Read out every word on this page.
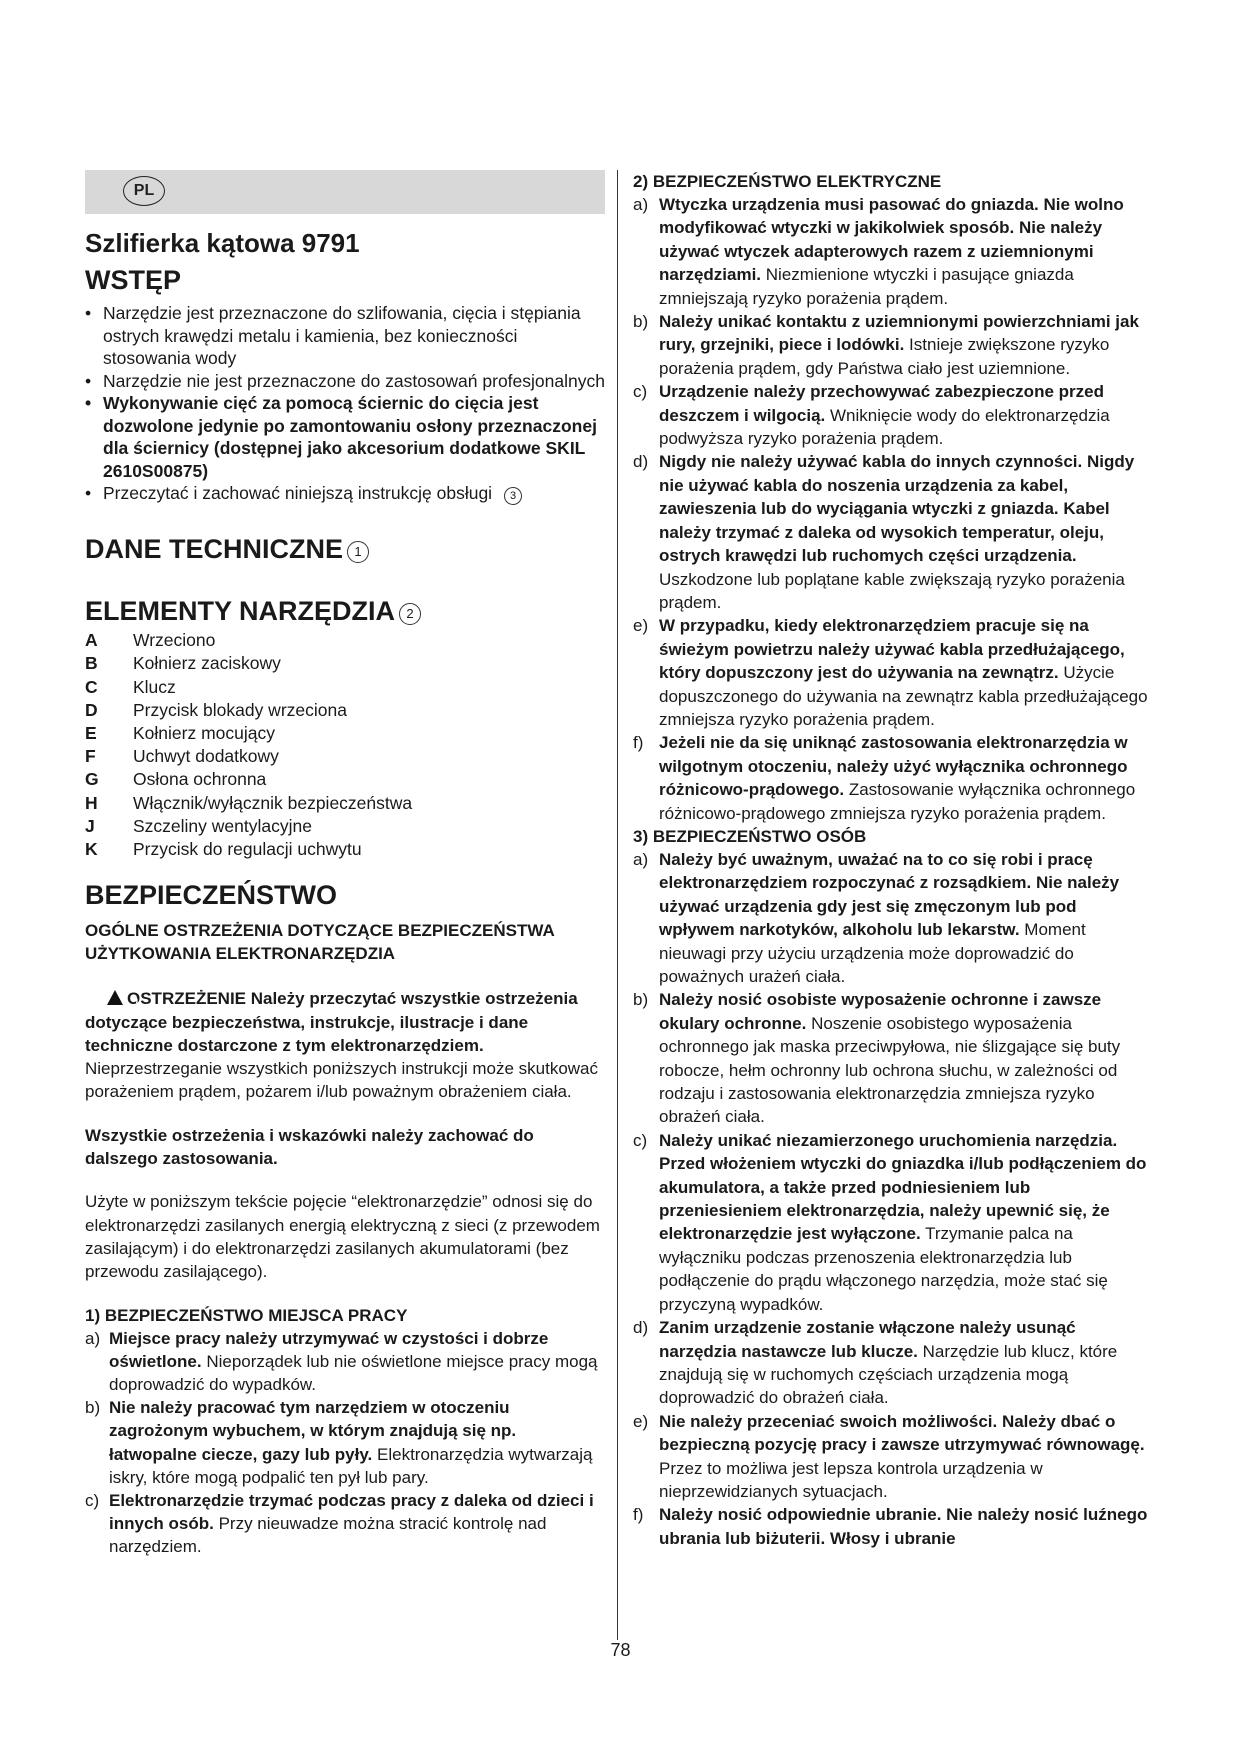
PL
Szlifierka kątowa 9791
WSTĘP
• Narzędzie jest przeznaczone do szlifowania, cięcia i stępiania ostrych krawędzi metalu i kamienia, bez konieczności stosowania wody
• Narzędzie nie jest przeznaczone do zastosowań profesjonalnych
• Wykonywanie cięć za pomocą ściernic do cięcia jest dozwolone jedynie po zamontowaniu osłony przeznaczonej dla ściernicy (dostępnej jako akcesorium dodatkowe SKIL 2610S00875)
• Przeczytać i zachować niniejszą instrukcję obsługi 3
DANE TECHNICZNE 1
ELEMENTY NARZĘDZIA 2
A	Wrzeciono
B	Kołnierz zaciskowy
C	Klucz
D	Przycisk blokady wrzeciona
E	Kołnierz mocujący
F	Uchwyt dodatkowy
G	Osłona ochronna
H	Włącznik/wyłącznik bezpieczeństwa
J	Szczeliny wentylacyjne
K	Przycisk do regulacji uchwytu
BEZPIECZEŃSTWO
OGÓLNE OSTRZEŻENIA DOTYCZĄCE BEZPIECZEŃSTWA UŻYTKOWANIA ELEKTRONARZĘDZIA
!OSTRZEŻENIE Należy przeczytać wszystkie ostrzeżenia dotyczące bezpieczeństwa, instrukcje, ilustracje i dane techniczne dostarczone z tym elektronarzędziem. Nieprzestrzeganie wszystkich poniższych instrukcji może skutkować porażeniem prądem, pożarem i/lub poważnym obrażeniem ciała.
Wszystkie ostrzeżenia i wskazówki należy zachować do dalszego zastosowania.
Użyte w poniższym tekście pojęcie “elektronarzędzie” odnosi się do elektronarzędzi zasilanych energią elektryczną z sieci (z przewodem zasilającym) i do elektronarzędzi zasilanych akumulatorami (bez przewodu zasilającego).
1) BEZPIECZEŃSTWO MIEJSCA PRACY
a) Miejsce pracy należy utrzymywać w czystości i dobrze oświetlone. Nieporządek lub nie oświetlone miejsce pracy mogą doprowadzić do wypadków.
b) Nie należy pracować tym narzędziem w otoczeniu zagrożonym wybuchem, w którym znajdują się np. łatwopalne ciecze, gazy lub pyły. Elektronarzędzia wytwarzają iskry, które mogą podpalić ten pył lub pary.
c) Elektronarzędzie trzymać podczas pracy z daleka od dzieci i innych osób. Przy nieuwadze można stracić kontrolę nad narzędziem.
2) BEZPIECZEŃSTWO ELEKTRYCZNE
a) Wtyczka urządzenia musi pasować do gniazda. Nie wolno modyfikować wtyczki w jakikolwiek sposób. Nie należy używać wtyczek adapterowych razem z uziemnionymi narzędziami. Niezmienione wtyczki i pasujące gniazda zmniejszają ryzyko porażenia prądem.
b) Należy unikać kontaktu z uziemnionymi powierzchniami jak rury, grzejniki, piece i lodówki. Istnieje zwiększone ryzyko porażenia prądem, gdy Państwa ciało jest uziemnione.
c) Urządzenie należy przechowywać zabezpieczone przed deszczem i wilgocią. Wniknięcie wody do elektronarzędzia podwyższa ryzyko porażenia prądem.
d) Nigdy nie należy używać kabla do innych czynności. Nigdy nie używać kabla do noszenia urządzenia za kabel, zawieszenia lub do wyciągania wtyczki z gniazda. Kabel należy trzymać z daleka od wysokich temperatur, oleju, ostrych krawędzi lub ruchomych części urządzenia. Uszkodzone lub poplątane kable zwiększają ryzyko porażenia prądem.
e) W przypadku, kiedy elektronarzędziem pracuje się na świeżym powietrzu należy używać kabla przedłużającego, który dopuszczony jest do używania na zewnątrz. Użycie dopuszczonego do używania na zewnątrz kabla przedłużającego zmniejsza ryzyko porażenia prądem.
f) Jeżeli nie da się uniknąć zastosowania elektronarzędzia w wilgotnym otoczeniu, należy użyć wyłącznika ochronnego różnicowo-prądowego. Zastosowanie wyłącznika ochronnego różnicowo-prądowego zmniejsza ryzyko porażenia prądem.
3) BEZPIECZEŃSTWO OSÓB
a) Należy być uważnym, uważać na to co się robi i pracę elektronarzędziem rozpoczynać z rozsądkiem. Nie należy używać urządzenia gdy jest się zmęczonym lub pod wpływem narkotyków, alkoholu lub lekarstw. Moment nieuwagi przy użyciu urządzenia może doprowadzić do poważnych urażeń ciała.
b) Należy nosić osobiste wyposażenie ochronne i zawsze okulary ochronne. Noszenie osobistego wyposażenia ochronnego jak maska przeciwpyłowa, nie ślizgające się buty robocze, hełm ochronny lub ochrona słuchu, w zależności od rodzaju i zastosowania elektronarzędzia zmniejsza ryzyko obrażeń ciała.
c) Należy unikać niezamierzonego uruchomienia narzędzia. Przed włożeniem wtyczki do gniazdka i/lub podłączeniem do akumulatora, a także przed podniesieniem lub przeniesieniem elektronarzędzia, należy upewnić się, że elektronarzędzie jest wyłączone. Trzymanie palca na wyłączniku podczas przenoszenia elektronarzędzia lub podłączenie do prądu włączonego narzędzia, może stać się przyczyną wypadków.
d) Zanim urządzenie zostanie włączone należy usunąć narzędzia nastawcze lub klucze. Narzędzie lub klucz, które znajdują się w ruchomych częściach urządzenia mogą doprowadzić do obrażeń ciała.
e) Nie należy przeceniać swoich możliwości. Należy dbać o bezpieczną pozycję pracy i zawsze utrzymywać równowagę. Przez to możliwa jest lepsza kontrola urządzenia w nieprzewidzianych sytuacjach.
f) Należy nosić odpowiednie ubranie. Nie należy nosić luźnego ubrania lub biżuterii. Włosy i ubranie
78
